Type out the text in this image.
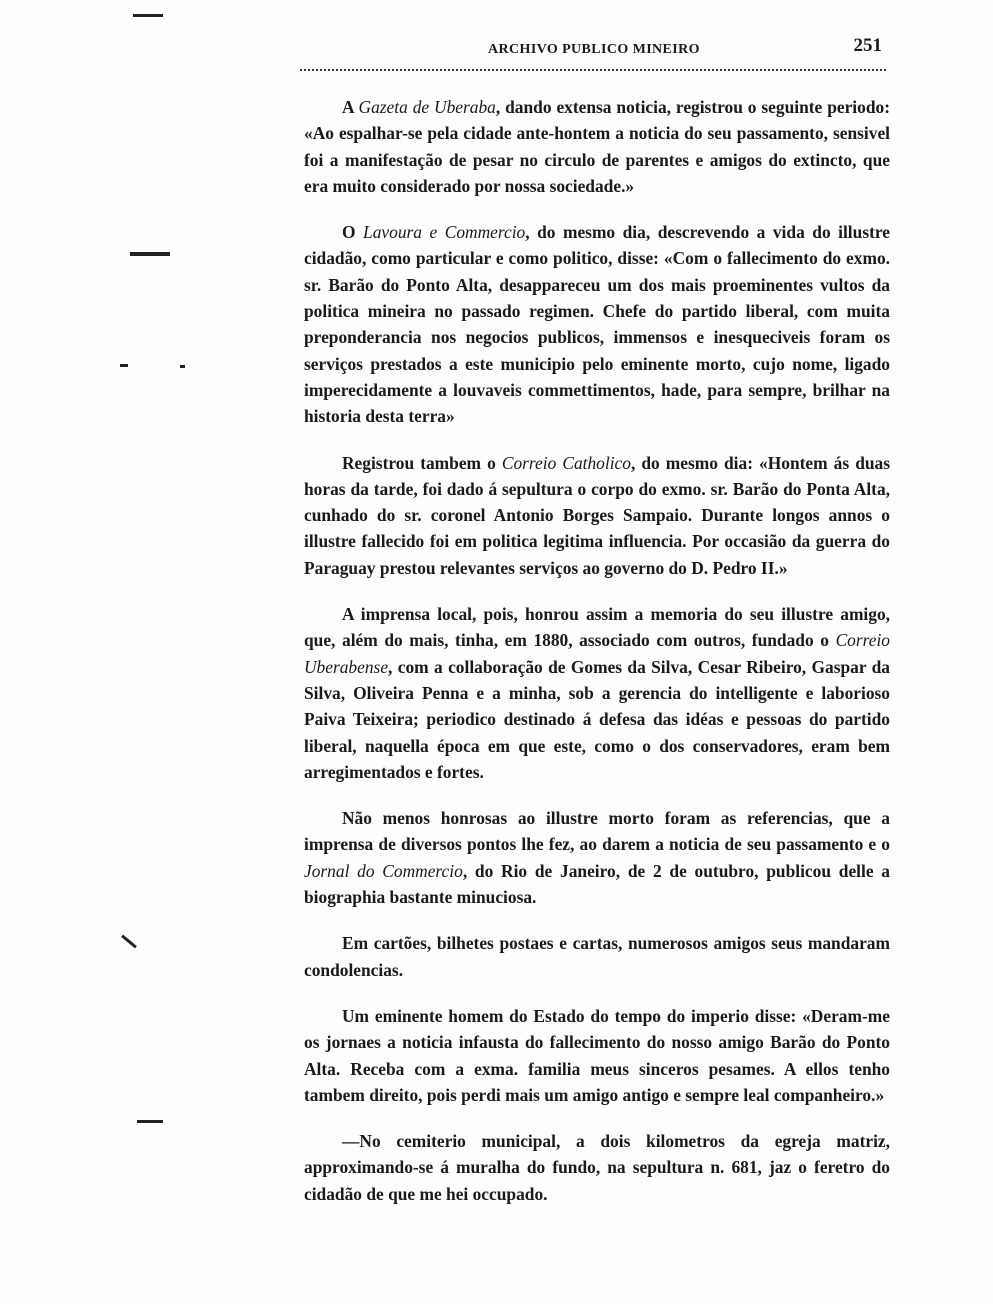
ARCHIVO PUBLICO MINEIRO	251

A Gazeta de Uberaba, dando extensa noticia, registrou o seguinte periodo: «Ao espalhar-se pela cidade ante-hontem a noticia do seu passamento, sensivel foi a manifestação de pesar no circulo de parentes e amigos do extincto, que era muito considerado por nossa sociedade.»

O Lavoura e Commercio, do mesmo dia, descrevendo a vida do illustre cidadão, como particular e como politico, disse: «Com o fallecimento do exmo. sr. Barão do Ponto Alta, desappareceu um dos mais proeminentes vultos da politica mineira no passado regimen. Chefe do partido liberal, com muita preponderancia nos negocios publicos, immensos e inesqueciveis foram os serviços prestados a este municipio pelo eminente morto, cujo nome, ligado imperecidamente a louvaveis commettimentos, hade, para sempre, brilhar na historia desta terra»

Registrou tambem o Correio Catholico, do mesmo dia: «Hontem ás duas horas da tarde, foi dado á sepultura o corpo do exmo. sr. Barão do Ponta Alta, cunhado do sr. coronel Antonio Borges Sampaio. Durante longos annos o illustre fallecido foi em politica legitima influencia. Por occasião da guerra do Paraguay prestou relevantes serviços ao governo do D. Pedro II.»

A imprensa local, pois, honrou assim a memoria do seu illustre amigo, que, além do mais, tinha, em 1880, associado com outros, fundado o Correio Uberabense, com a collaboração de Gomes da Silva, Cesar Ribeiro, Gaspar da Silva, Oliveira Penna e a minha, sob a gerencia do intelligente e laborioso Paiva Teixeira; periodico destinado á defesa das idéas e pessoas do partido liberal, naquella época em que este, como o dos conservadores, eram bem arregimentados e fortes.

Não menos honrosas ao illustre morto foram as referencias, que a imprensa de diversos pontos lhe fez, ao darem a noticia de seu passamento e o Jornal do Commercio, do Rio de Janeiro, de 2 de outubro, publicou delle a biographia bastante minuciosa.

Em cartões, bilhetes postaes e cartas, numerosos amigos seus mandaram condolencias.

Um eminente homem do Estado do tempo do imperio disse: «Deram-me os jornaes a noticia infausta do fallecimento do nosso amigo Barão do Ponto Alta. Receba com a exma. familia meus sinceros pesames. A ellos tenho tambem direito, pois perdi mais um amigo antigo e sempre leal companheiro.»

—No cemiterio municipal, a dois kilometros da egreja matriz, approximando-se á muralha do fundo, na sepultura n. 681, jaz o feretro do cidadão de que me hei occupado.
